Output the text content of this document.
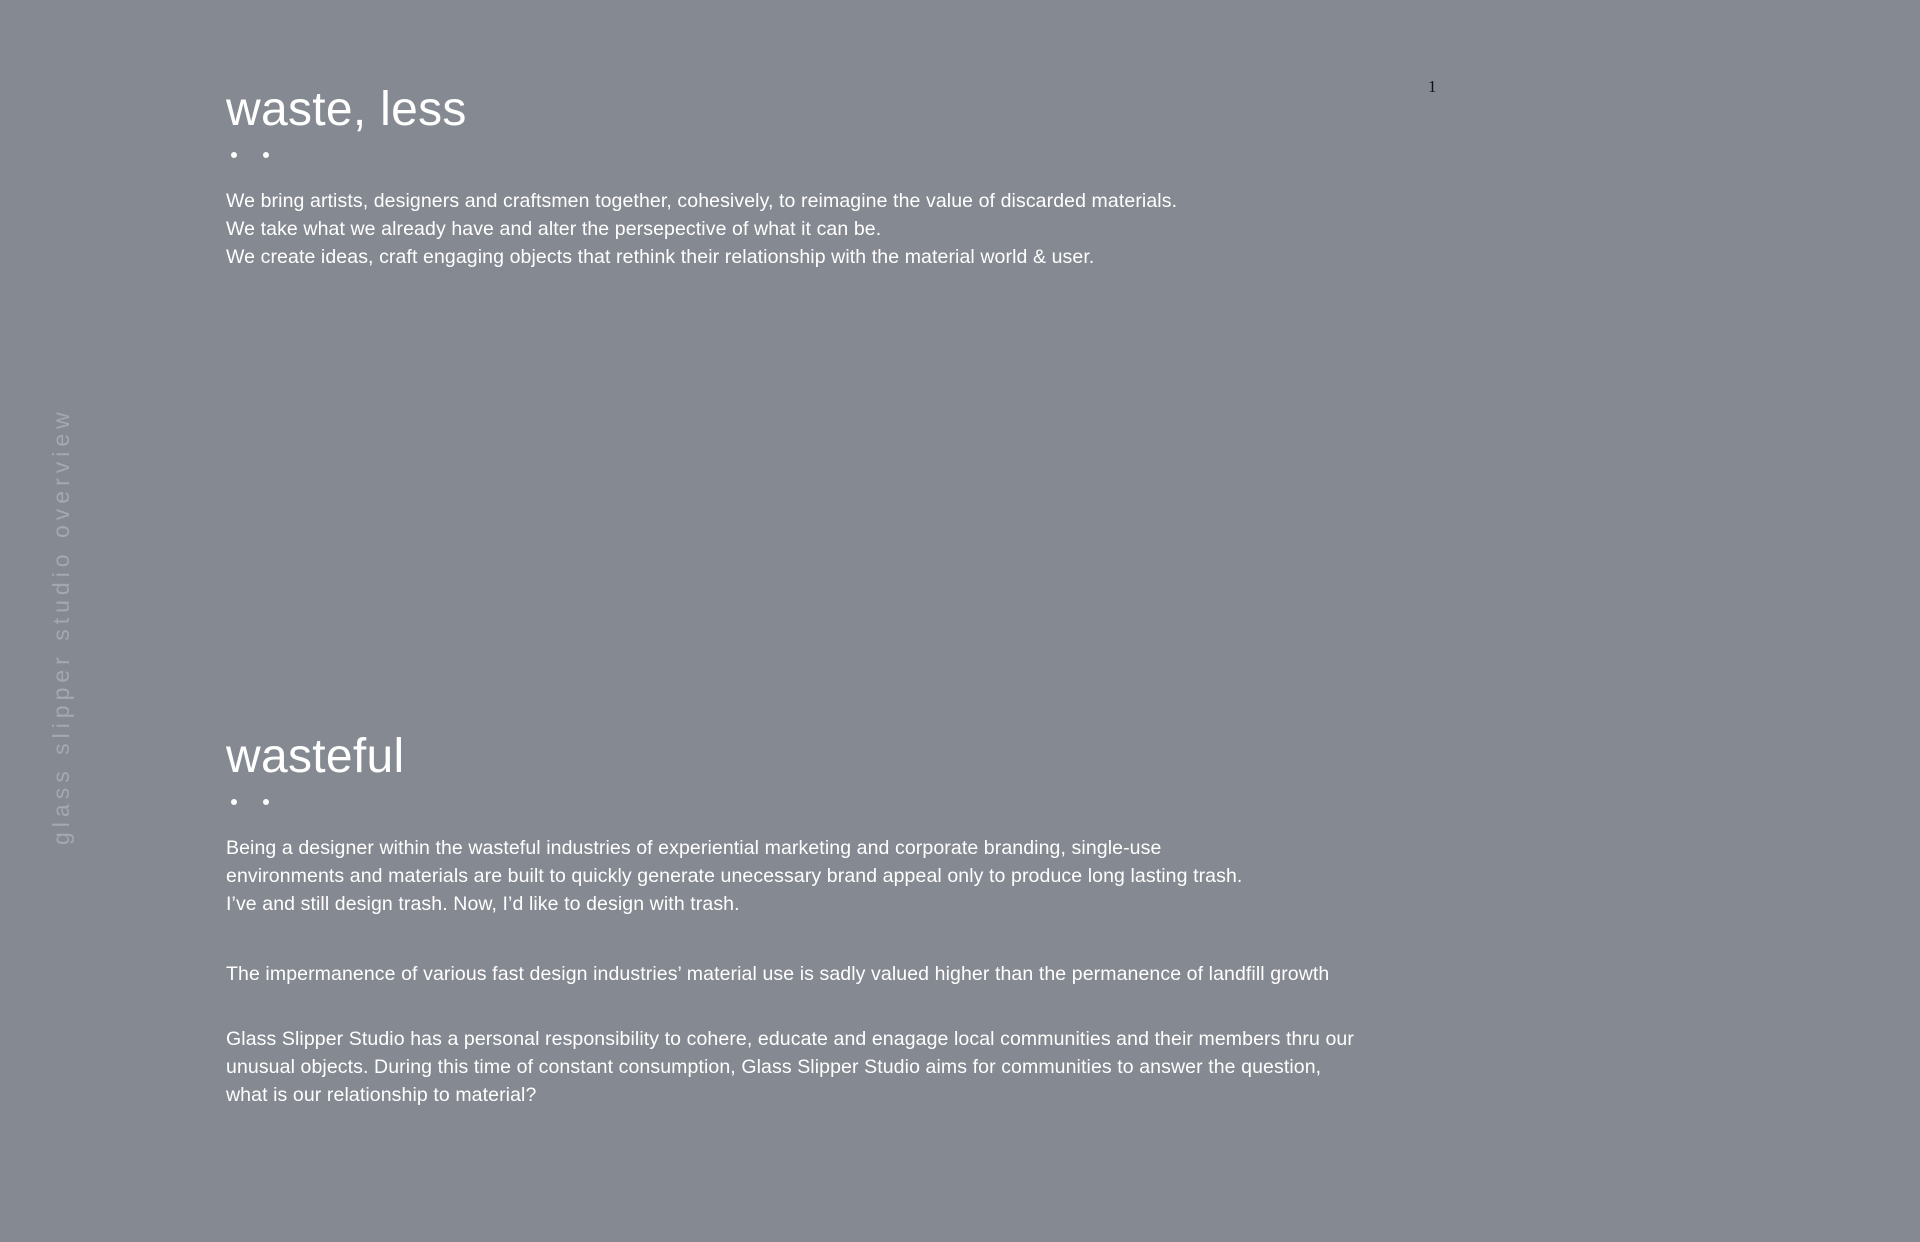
glass slipper studio overview
1
waste, less

We bring artists, designers and craftsmen together, cohesively, to reimagine the value of discarded materials.
We take what we already have and alter the persepective of what it can be.
We create ideas, craft engaging objects that rethink their relationship with the material world & user.

wasteful

Being a designer within the wasteful industries of experiential marketing and corporate branding, single-use
environments and materials are built to quickly generate unecessary brand appeal only to produce long lasting trash.
I’ve and still design trash. Now, I’d like to design with trash.

The impermanence of various fast design industries’ material use is sadly valued higher than the permanence of landfill growth

Glass Slipper Studio has a personal responsibility to cohere, educate and enagage local communities and their members thru our
unusual objects. During this time of constant consumption, Glass Slipper Studio aims for communities to answer the question,
what is our relationship to material?
